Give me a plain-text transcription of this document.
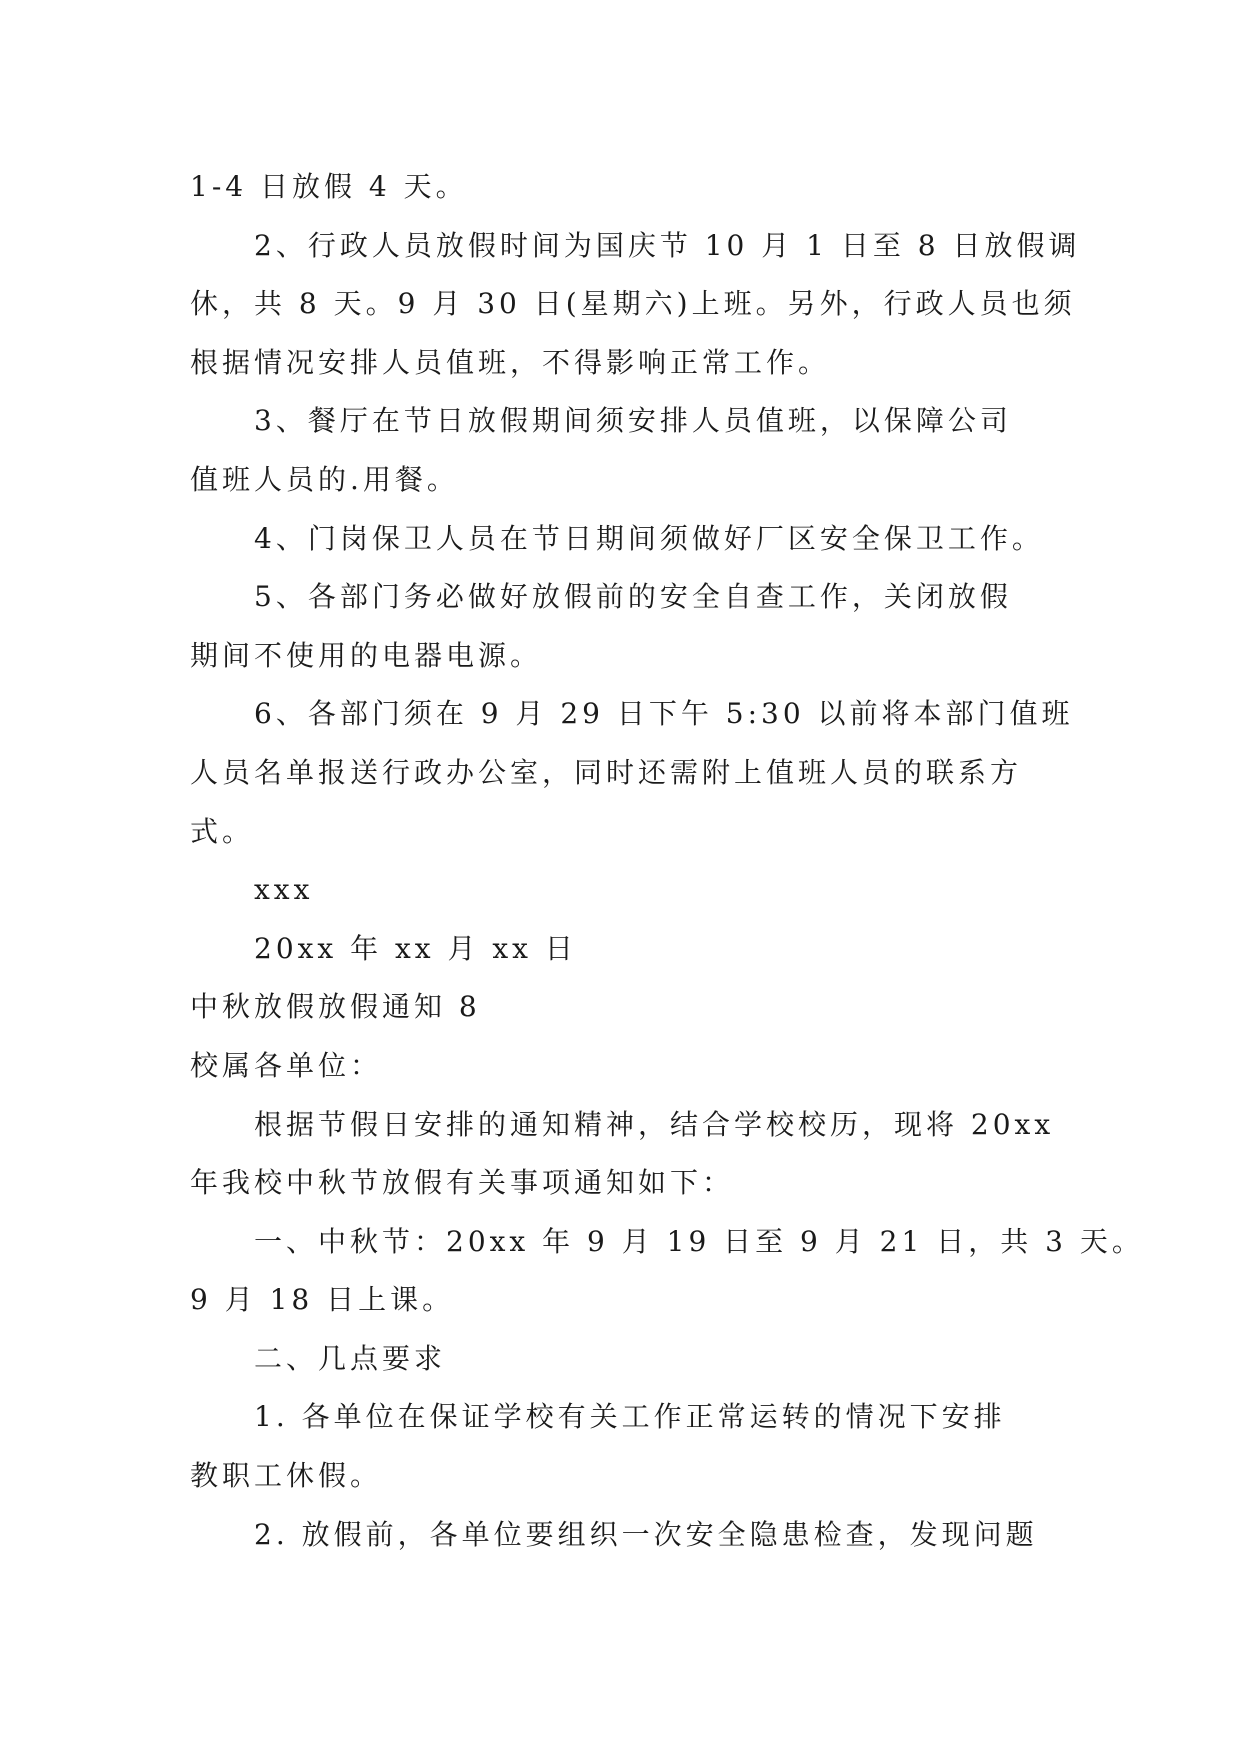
1-4 日放假 4 天。
2、行政人员放假时间为国庆节 10 月 1 日至 8 日放假调
休，共 8 天。9 月 30 日(星期六)上班。另外，行政人员也须
根据情况安排人员值班，不得影响正常工作。
3、餐厅在节日放假期间须安排人员值班，以保障公司
值班人员的.用餐。
4、门岗保卫人员在节日期间须做好厂区安全保卫工作。
5、各部门务必做好放假前的安全自查工作，关闭放假
期间不使用的电器电源。
6、各部门须在 9 月 29 日下午 5:30 以前将本部门值班
人员名单报送行政办公室，同时还需附上值班人员的联系方
式。
xxx
20xx 年 xx 月 xx 日
中秋放假放假通知 8
校属各单位：
根据节假日安排的通知精神，结合学校校历，现将 20xx
年我校中秋节放假有关事项通知如下：
一、中秋节：20xx 年 9 月 19 日至 9 月 21 日，共 3 天。
9 月 18 日上课。
二、几点要求
1. 各单位在保证学校有关工作正常运转的情况下安排
教职工休假。
2. 放假前，各单位要组织一次安全隐患检查，发现问题
